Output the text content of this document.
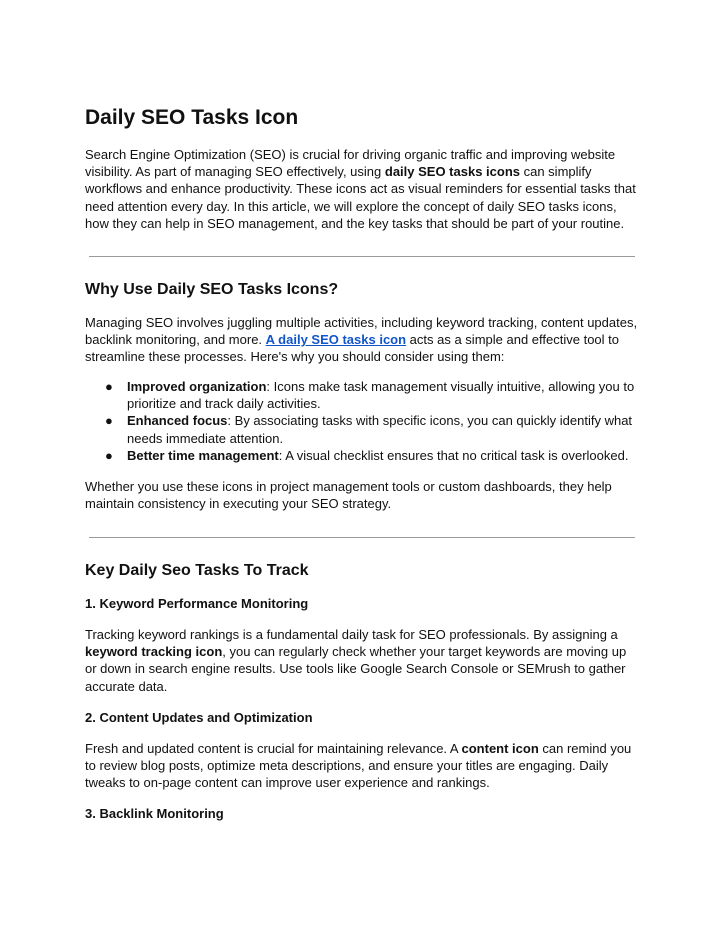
Daily SEO Tasks Icon

Search Engine Optimization (SEO) is crucial for driving organic traffic and improving website
visibility. As part of managing SEO effectively, using daily SEO tasks icons can simplify
workflows and enhance productivity. These icons act as visual reminders for essential tasks that
need attention every day. In this article, we will explore the concept of daily SEO tasks icons,
how they can help in SEO management, and the key tasks that should be part of your routine.

Why Use Daily SEO Tasks Icons?

Managing SEO involves juggling multiple activities, including keyword tracking, content updates,
backlink monitoring, and more. A daily SEO tasks icon acts as a simple and effective tool to
streamline these processes. Here's why you should consider using them:

● Improved organization: Icons make task management visually intuitive, allowing you to
prioritize and track daily activities.
● Enhanced focus: By associating tasks with specific icons, you can quickly identify what
needs immediate attention.
● Better time management: A visual checklist ensures that no critical task is overlooked.

Whether you use these icons in project management tools or custom dashboards, they help
maintain consistency in executing your SEO strategy.

Key Daily Seo Tasks To Track
1. Keyword Performance Monitoring

Tracking keyword rankings is a fundamental daily task for SEO professionals. By assigning a
keyword tracking icon, you can regularly check whether your target keywords are moving up
or down in search engine results. Use tools like Google Search Console or SEMrush to gather
accurate data.

2. Content Updates and Optimization

Fresh and updated content is crucial for maintaining relevance. A content icon can remind you
to review blog posts, optimize meta descriptions, and ensure your titles are engaging. Daily
tweaks to on-page content can improve user experience and rankings.

3. Backlink Monitoring
